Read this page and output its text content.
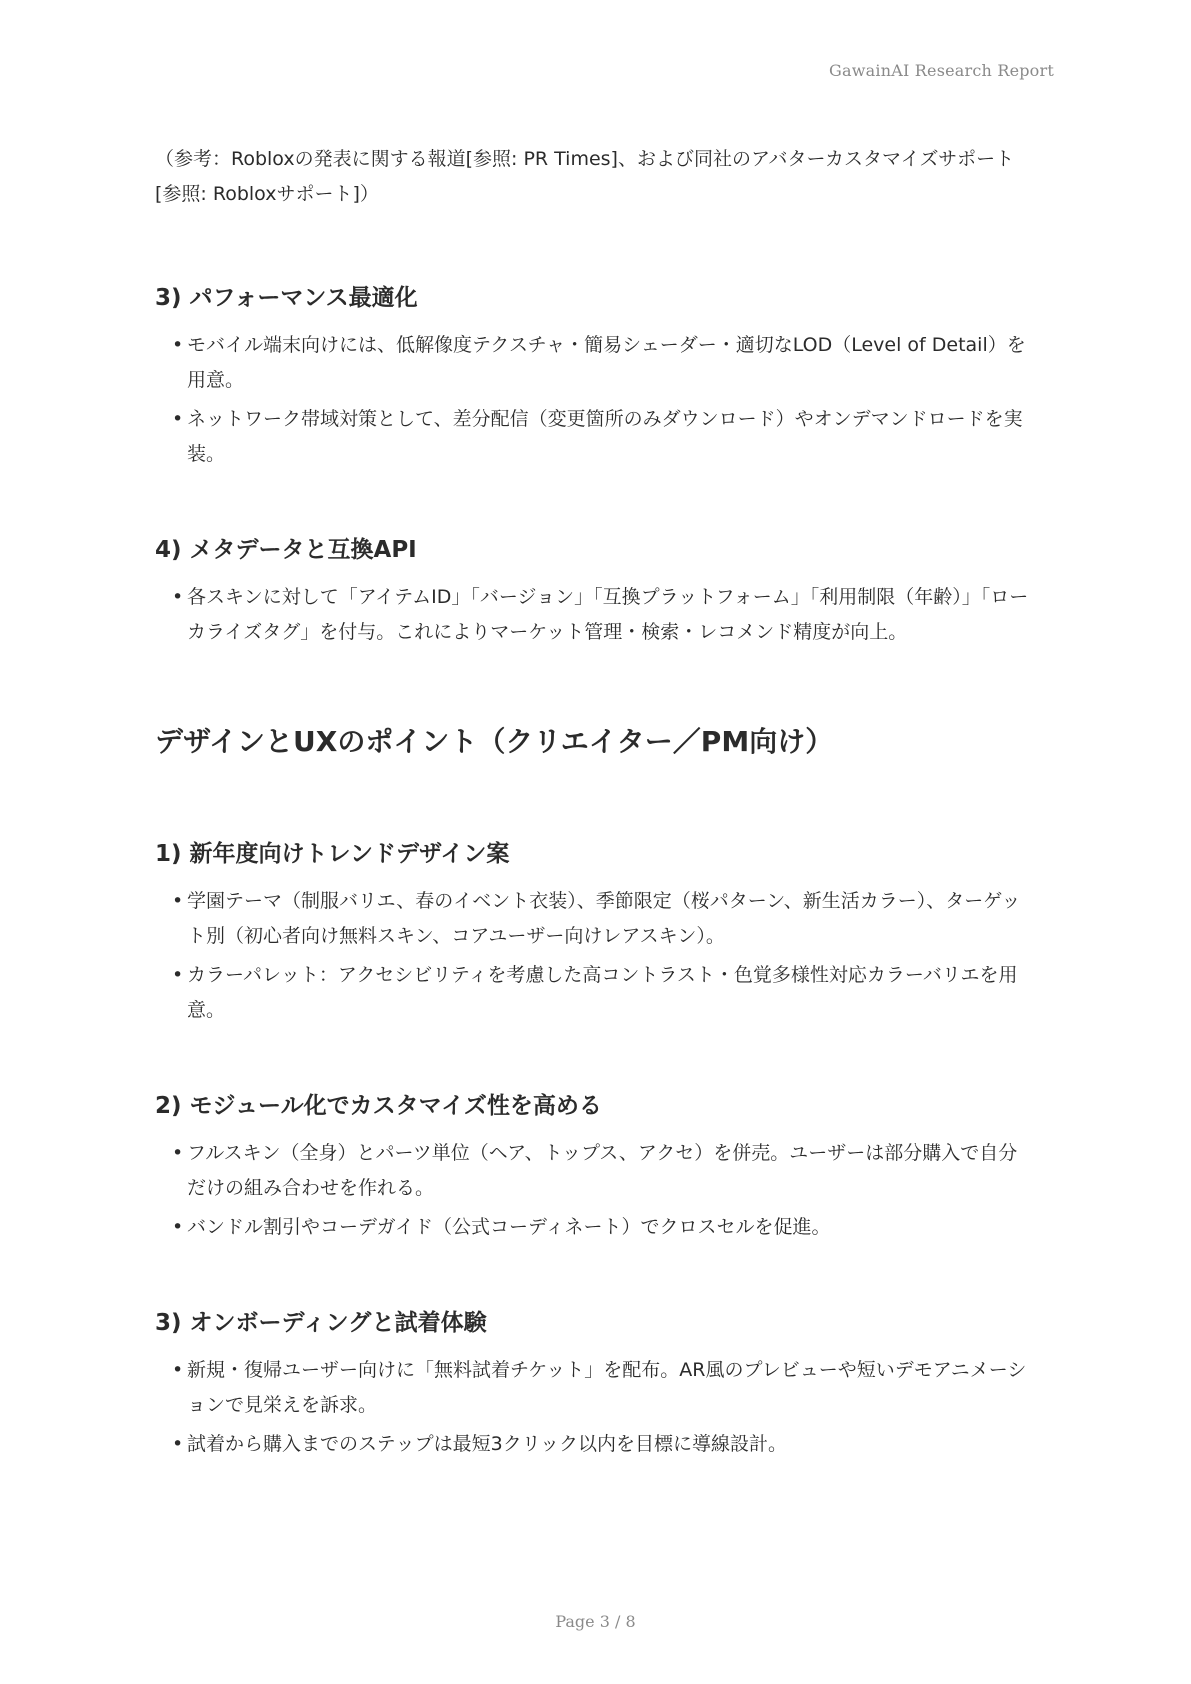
GawainAI Research Report

（参考：Robloxの発表に関する報道[参照: PR Times]、および同社のアバターカスタマイズサポート[参照: Robloxサポート]）

3) パフォーマンス最適化
• モバイル端末向けには、低解像度テクスチャ・簡易シェーダー・適切なLOD（Level of Detail）を用意。
• ネットワーク帯域対策として、差分配信（変更箇所のみダウンロード）やオンデマンドロードを実装。
4) メタデータと互換API
• 各スキンに対して「アイテムID」「バージョン」「互換プラットフォーム」「利用制限（年齢）」「ローカライズタグ」を付与。これによりマーケット管理・検索・レコメンド精度が向上。
デザインとUXのポイント（クリエイター／PM向け）
1) 新年度向けトレンドデザイン案
• 学園テーマ（制服バリエ、春のイベント衣装）、季節限定（桜パターン、新生活カラー）、ターゲット別（初心者向け無料スキン、コアユーザー向けレアスキン）。
• カラーパレット：アクセシビリティを考慮した高コントラスト・色覚多様性対応カラーバリエを用意。
2) モジュール化でカスタマイズ性を高める
• フルスキン（全身）とパーツ単位（ヘア、トップス、アクセ）を併売。ユーザーは部分購入で自分だけの組み合わせを作れる。
• バンドル割引やコーデガイド（公式コーディネート）でクロスセルを促進。
3) オンボーディングと試着体験
• 新規・復帰ユーザー向けに「無料試着チケット」を配布。AR風のプレビューや短いデモアニメーションで見栄えを訴求。
• 試着から購入までのステップは最短3クリック以内を目標に導線設計。
Page 3 / 8
